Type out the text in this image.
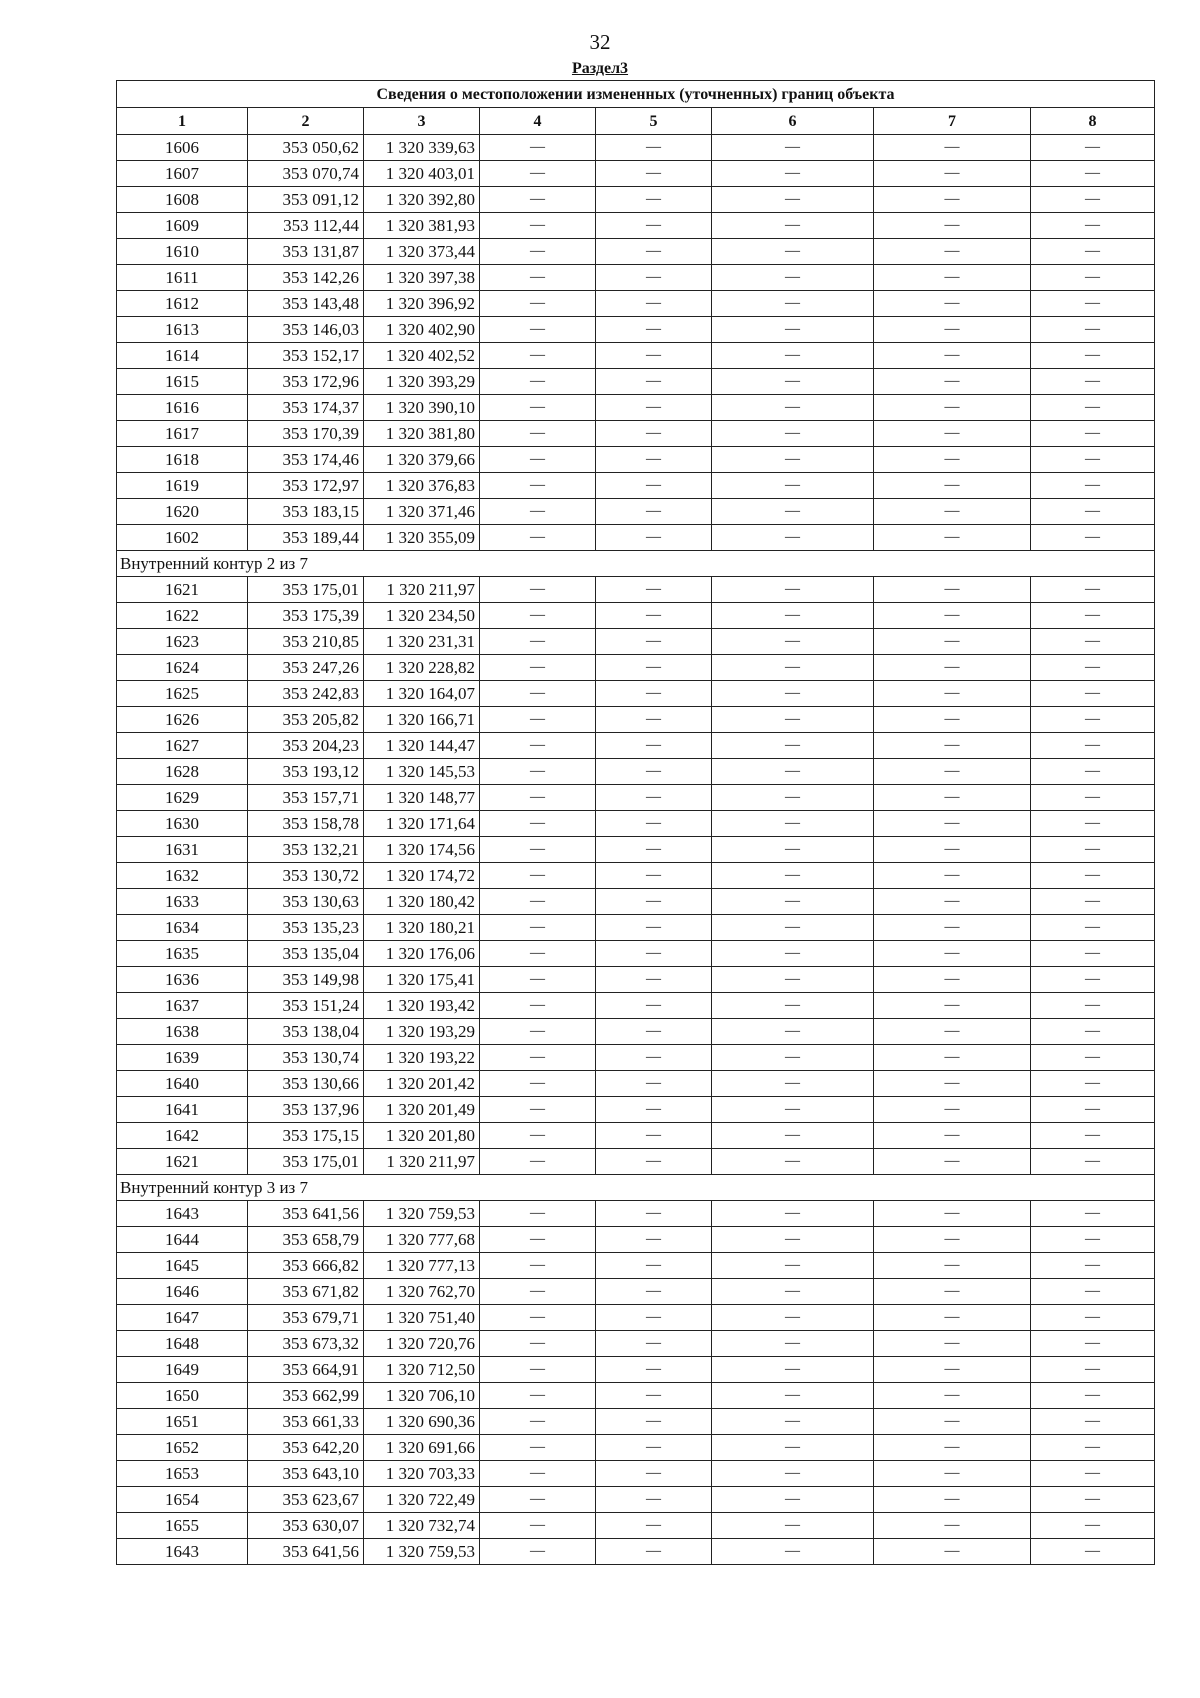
32
Раздел3
Сведения о местоположении измененных (уточненных) границ объекта							
1	2	3	4	5	6	7	8
1606	353 050,62	1 320 339,63	—	—	—	—	—
1607	353 070,74	1 320 403,01	—	—	—	—	—
1608	353 091,12	1 320 392,80	—	—	—	—	—
1609	353 112,44	1 320 381,93	—	—	—	—	—
1610	353 131,87	1 320 373,44	—	—	—	—	—
1611	353 142,26	1 320 397,38	—	—	—	—	—
1612	353 143,48	1 320 396,92	—	—	—	—	—
1613	353 146,03	1 320 402,90	—	—	—	—	—
1614	353 152,17	1 320 402,52	—	—	—	—	—
1615	353 172,96	1 320 393,29	—	—	—	—	—
1616	353 174,37	1 320 390,10	—	—	—	—	—
1617	353 170,39	1 320 381,80	—	—	—	—	—
1618	353 174,46	1 320 379,66	—	—	—	—	—
1619	353 172,97	1 320 376,83	—	—	—	—	—
1620	353 183,15	1 320 371,46	—	—	—	—	—
1602	353 189,44	1 320 355,09	—	—	—	—	—
Внутренний контур 2 из 7							
1621	353 175,01	1 320 211,97	—	—	—	—	—
1622	353 175,39	1 320 234,50	—	—	—	—	—
1623	353 210,85	1 320 231,31	—	—	—	—	—
1624	353 247,26	1 320 228,82	—	—	—	—	—
1625	353 242,83	1 320 164,07	—	—	—	—	—
1626	353 205,82	1 320 166,71	—	—	—	—	—
1627	353 204,23	1 320 144,47	—	—	—	—	—
1628	353 193,12	1 320 145,53	—	—	—	—	—
1629	353 157,71	1 320 148,77	—	—	—	—	—
1630	353 158,78	1 320 171,64	—	—	—	—	—
1631	353 132,21	1 320 174,56	—	—	—	—	—
1632	353 130,72	1 320 174,72	—	—	—	—	—
1633	353 130,63	1 320 180,42	—	—	—	—	—
1634	353 135,23	1 320 180,21	—	—	—	—	—
1635	353 135,04	1 320 176,06	—	—	—	—	—
1636	353 149,98	1 320 175,41	—	—	—	—	—
1637	353 151,24	1 320 193,42	—	—	—	—	—
1638	353 138,04	1 320 193,29	—	—	—	—	—
1639	353 130,74	1 320 193,22	—	—	—	—	—
1640	353 130,66	1 320 201,42	—	—	—	—	—
1641	353 137,96	1 320 201,49	—	—	—	—	—
1642	353 175,15	1 320 201,80	—	—	—	—	—
1621	353 175,01	1 320 211,97	—	—	—	—	—
Внутренний контур 3 из 7							
1643	353 641,56	1 320 759,53	—	—	—	—	—
1644	353 658,79	1 320 777,68	—	—	—	—	—
1645	353 666,82	1 320 777,13	—	—	—	—	—
1646	353 671,82	1 320 762,70	—	—	—	—	—
1647	353 679,71	1 320 751,40	—	—	—	—	—
1648	353 673,32	1 320 720,76	—	—	—	—	—
1649	353 664,91	1 320 712,50	—	—	—	—	—
1650	353 662,99	1 320 706,10	—	—	—	—	—
1651	353 661,33	1 320 690,36	—	—	—	—	—
1652	353 642,20	1 320 691,66	—	—	—	—	—
1653	353 643,10	1 320 703,33	—	—	—	—	—
1654	353 623,67	1 320 722,49	—	—	—	—	—
1655	353 630,07	1 320 732,74	—	—	—	—	—
1643	353 641,56	1 320 759,53	—	—	—	—	—
